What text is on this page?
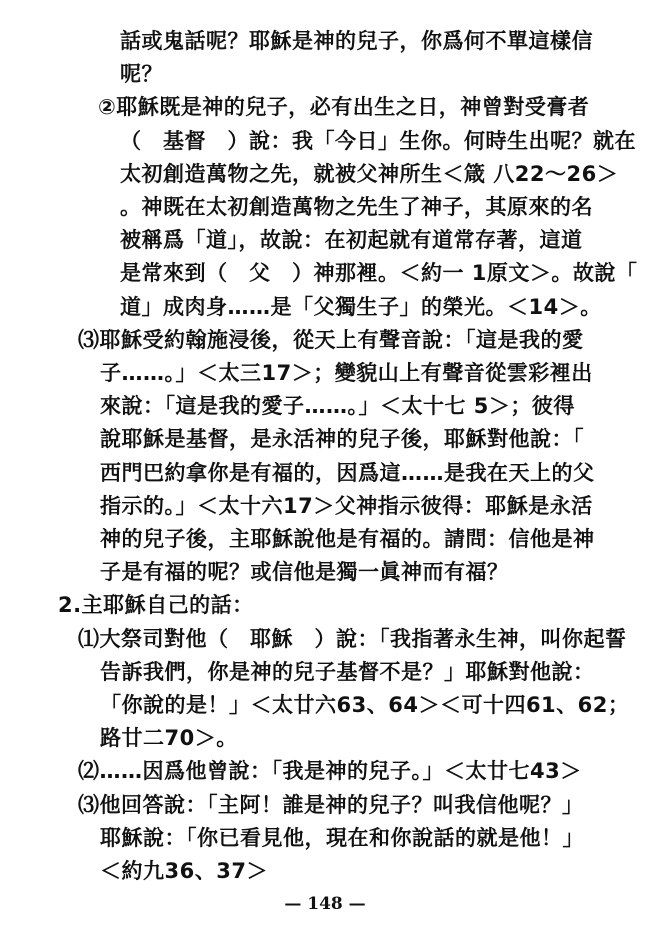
話或鬼話呢？耶穌是神的兒子，你爲何不單這樣信
呢？
②耶穌既是神的兒子，必有出生之日，神曾對受膏者
（　基督　）說：我「今日」生你。何時生出呢？就在
太初創造萬物之先，就被父神所生＜箴 八22～26＞
。神既在太初創造萬物之先生了神子，其原來的名
被稱爲「道」，故說：在初起就有道常存著，這道
是常來到（　父　）神那裡。＜約一 1原文＞。故說「
道」成肉身……是「父獨生子」的榮光。＜14＞。
⑶耶穌受約翰施浸後，從天上有聲音說：「這是我的愛
子……。」＜太三17＞；變貌山上有聲音從雲彩裡出
來說：「這是我的愛子……。」＜太十七 5＞；彼得
說耶穌是基督，是永活神的兒子後，耶穌對他說：「
西門巴約拿你是有福的，因爲這……是我在天上的父
指示的。」＜太十六17＞父神指示彼得：耶穌是永活
神的兒子後，主耶穌說他是有福的。請問：信他是神
子是有福的呢？或信他是獨一眞神而有福？
2.主耶穌自己的話：
⑴大祭司對他（　耶穌　）說：「我指著永生神，叫你起誓
告訴我們，你是神的兒子基督不是？」耶穌對他說：
「你說的是！」＜太廿六63、64＞＜可十四61、62；
路廿二70＞。
— 148 —
⑵……因爲他曾說：「我是神的兒子。」＜太廿七43＞
⑶他回答說：「主阿！誰是神的兒子？叫我信他呢？」
耶穌說：「你已看見他，現在和你說話的就是他！」
＜約九36、37＞
